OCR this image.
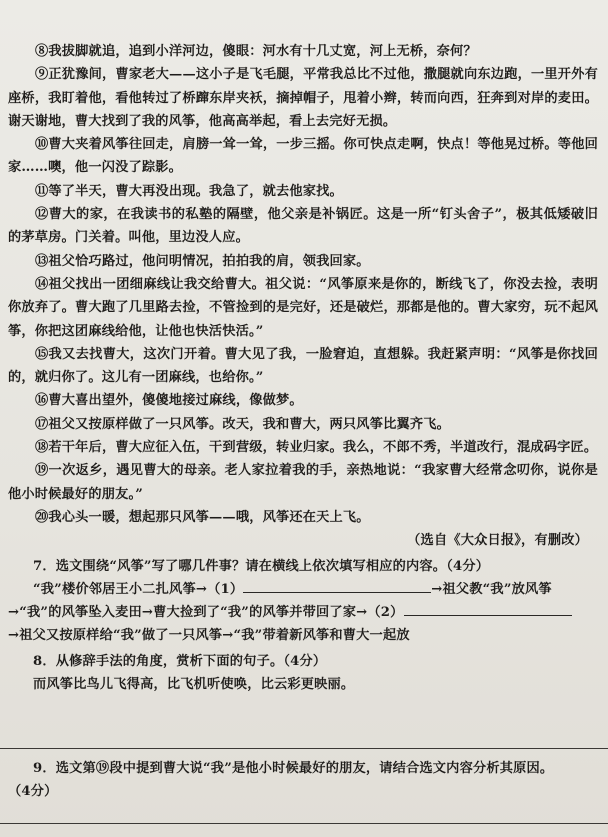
⑧我拔脚就追，追到小洋河边，傻眼：河水有十几丈宽，河上无桥，奈何？

⑨正犹豫间，曹家老大——这小子是飞毛腿，平常我总比不过他，撒腿就向东边跑，一里开外有座桥，我盯着他，看他转过了桥蹿东岸夹袄，摘掉帽子，甩着小辫，转而向西，狂奔到对岸的麦田。谢天谢地，曹大找到了我的风筝，他高高举起，看上去完好无损。

⑩曹大夹着风筝往回走，肩膀一耸一耸，一步三摇。你可快点走啊，快点！等他晃过桥。等他回家……噢，他一闪没了踪影。

⑪等了半天，曹大再没出现。我急了，就去他家找。

⑫曹大的家，在我读书的私塾的隔壁，他父亲是补锅匠。这是一所“钉头舍子”，极其低矮破旧的茅草房。门关着。叫他，里边没人应。

⑬祖父恰巧路过，他问明情况，拍拍我的肩，领我回家。

⑭祖父找出一团细麻线让我交给曹大。祖父说：“风筝原来是你的，断线飞了，你没去捡，表明你放弃了。曹大跑了几里路去捡，不管捡到的是完好，还是破烂，那都是他的。曹大家穷，玩不起风筝，你把这团麻线给他，让他也快活快活。”

⑮我又去找曹大，这次门开着。曹大见了我，一脸窘迫，直想躲。我赶紧声明：“风筝是你找回的，就归你了。这儿有一团麻线，也给你。”

⑯曹大喜出望外，傻傻地接过麻线，像做梦。

⑰祖父又按原样做了一只风筝。改天，我和曹大，两只风筝比翼齐飞。

⑱若干年后，曹大应征入伍，干到营级，转业归家。我么，不郎不秀，半道改行，混成码字匠。

⑲一次返乡，遇见曹大的母亲。老人家拉着我的手，亲热地说：“我家曹大经常念叨你，说你是他小时候最好的朋友。”

⑳我心头一暖，想起那只风筝——哦，风筝还在天上飞。

（选自《大众日报》，有删改）

7．选文围绕“风筝”写了哪几件事？请在横线上依次填写相应的内容。（4分）

“我”楼价邻居王小二扎风筝→（1）	→祖父教“我”放风筝

→“我”的风筝坠入麦田→曹大捡到了“我”的风筝并带回了家→（2）

→祖父又按原样给“我”做了一只风筝→“我”带着新风筝和曹大一起放

8．从修辞手法的角度，赏析下面的句子。（4分）

而风筝比鸟儿飞得高，比飞机听使唤，比云彩更映丽。

9．选文第⑲段中提到曹大说“我”是他小时候最好的朋友，请结合选文内容分析其原因。

（4分）
